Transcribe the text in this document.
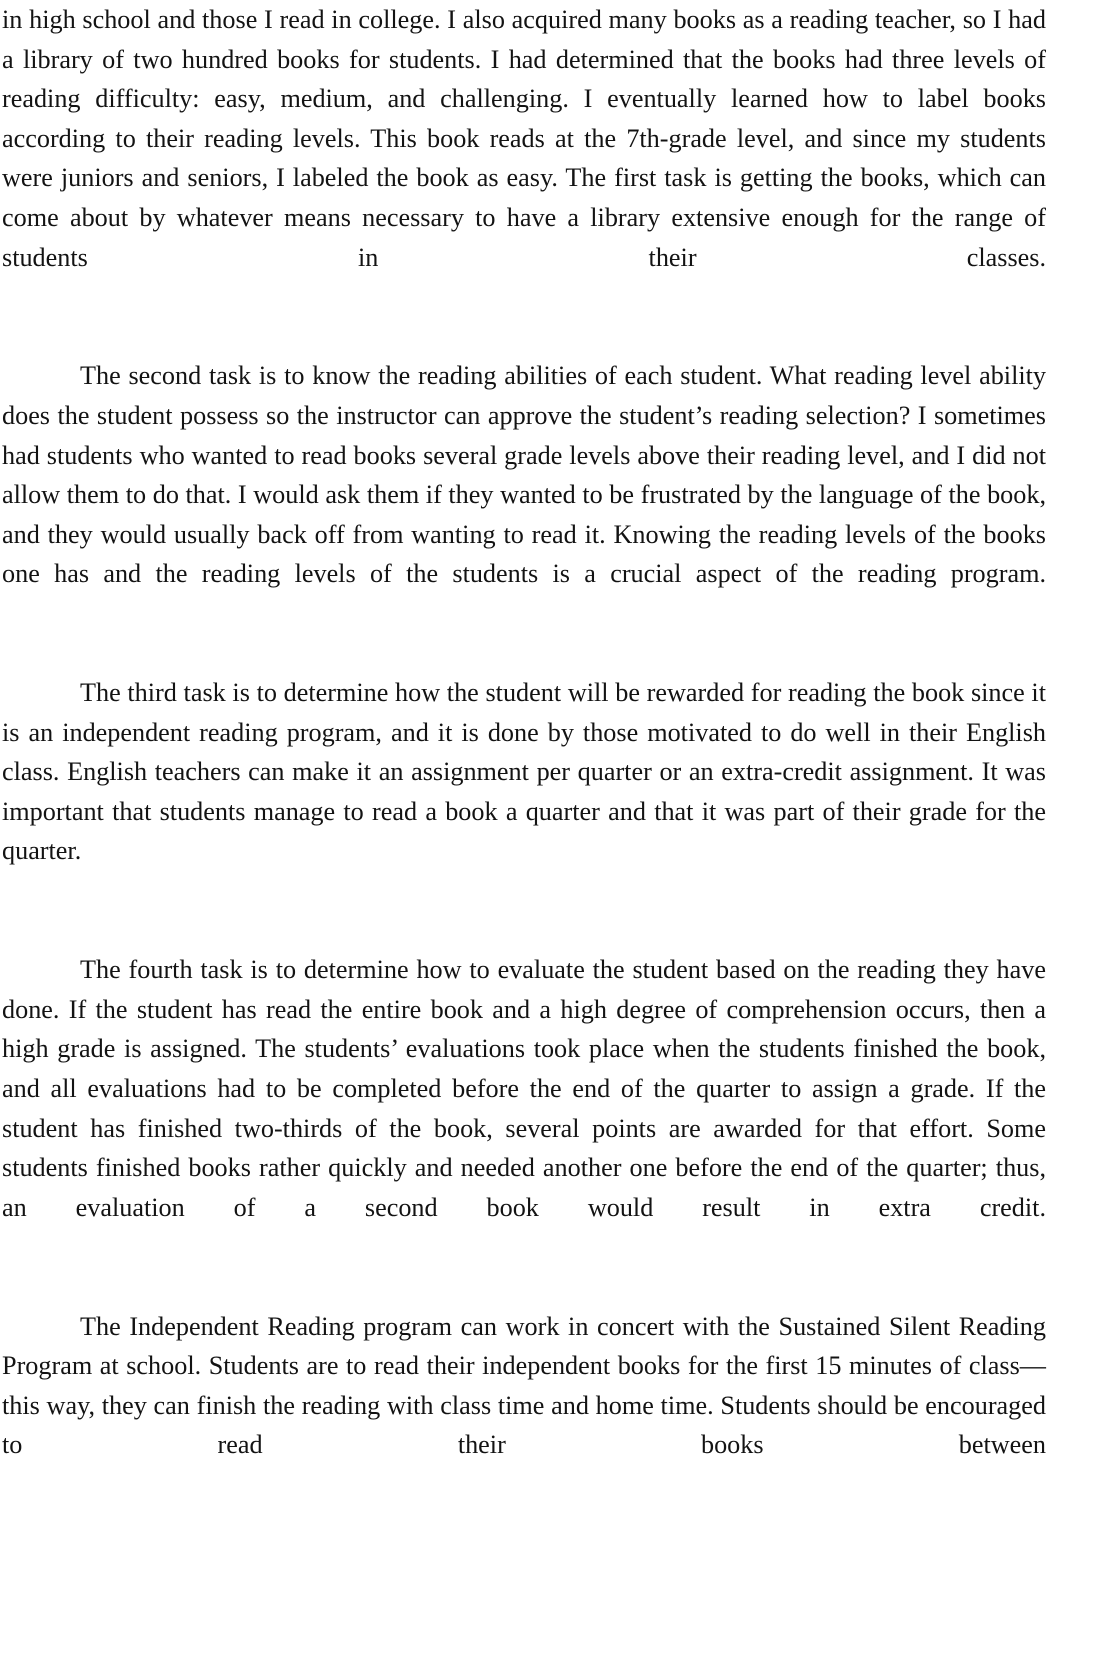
in high school and those I read in college. I also acquired many books as a reading teacher, so I had a library of two hundred books for students. I had determined that the books had three levels of reading difficulty: easy, medium, and challenging. I eventually learned how to label books according to their reading levels. This book reads at the 7th-grade level, and since my students were juniors and seniors, I labeled the book as easy. The first task is getting the books, which can come about by whatever means necessary to have a library extensive enough for the range of students in their classes.

The second task is to know the reading abilities of each student. What reading level ability does the student possess so the instructor can approve the student’s reading selection? I sometimes had students who wanted to read books several grade levels above their reading level, and I did not allow them to do that. I would ask them if they wanted to be frustrated by the language of the book, and they would usually back off from wanting to read it. Knowing the reading levels of the books one has and the reading levels of the students is a crucial aspect of the reading program.

The third task is to determine how the student will be rewarded for reading the book since it is an independent reading program, and it is done by those motivated to do well in their English class. English teachers can make it an assignment per quarter or an extra-credit assignment. It was important that students manage to read a book a quarter and that it was part of their grade for the quarter.

The fourth task is to determine how to evaluate the student based on the reading they have done. If the student has read the entire book and a high degree of comprehension occurs, then a high grade is assigned. The students’ evaluations took place when the students finished the book, and all evaluations had to be completed before the end of the quarter to assign a grade. If the student has finished two-thirds of the book, several points are awarded for that effort. Some students finished books rather quickly and needed another one before the end of the quarter; thus, an evaluation of a second book would result in extra credit.

The Independent Reading program can work in concert with the Sustained Silent Reading Program at school. Students are to read their independent books for the first 15 minutes of class—this way, they can finish the reading with class time and home time. Students should be encouraged to read their books between
